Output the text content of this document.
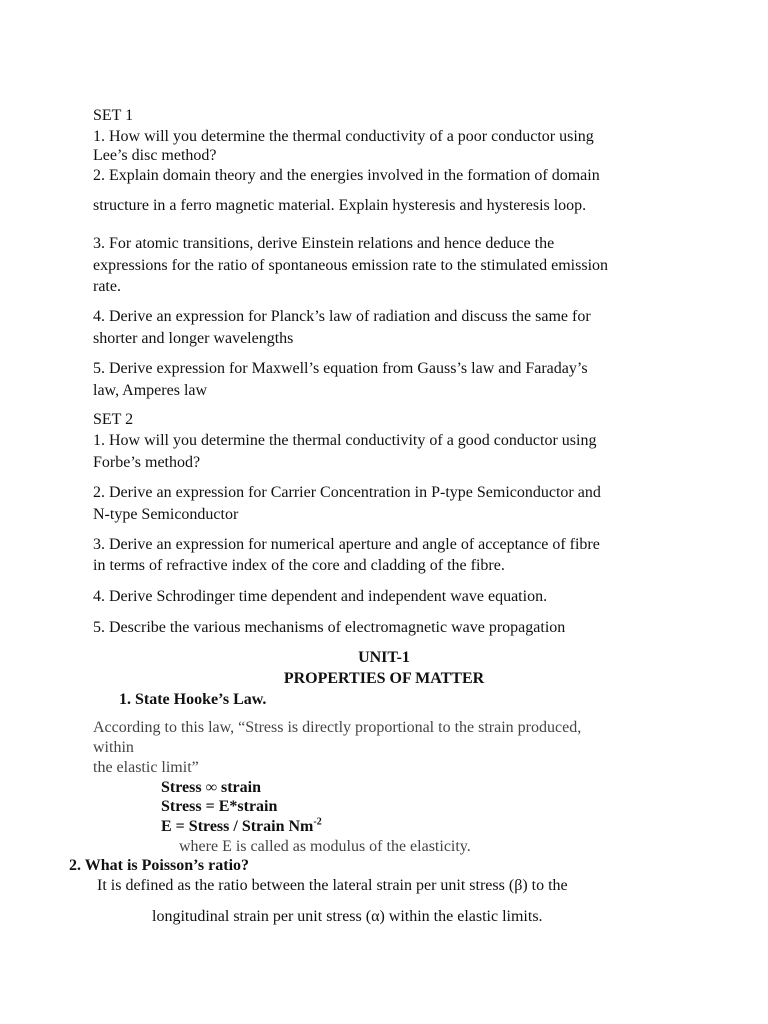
SET 1
1. How will you determine the thermal conductivity of a poor conductor using
Lee’s disc method?
2. Explain domain theory and the energies involved in the formation of domain
structure in a ferro magnetic material. Explain hysteresis and hysteresis loop.
3. For atomic transitions, derive Einstein relations and hence deduce the
expressions for the ratio of spontaneous emission rate to the stimulated emission
rate.
4. Derive an expression for Planck’s law of radiation and discuss the same for
shorter and longer wavelengths
5. Derive expression for Maxwell’s equation from Gauss’s law and Faraday’s
law, Amperes law
SET 2
1. How will you determine the thermal conductivity of a good conductor using
Forbe’s method?
2. Derive an expression for Carrier Concentration in P-type Semiconductor and
N-type Semiconductor
3. Derive an expression for numerical aperture and angle of acceptance of fibre
in terms of refractive index of the core and cladding of the fibre.
4. Derive Schrodinger time dependent and independent wave equation.
5. Describe the various mechanisms of electromagnetic wave propagation
UNIT-1
PROPERTIES OF MATTER
1. State Hooke’s Law.
According to this law, “Stress is directly proportional to the strain produced,
within
the elastic limit”
Stress ∞ strain
Stress = E*strain
E = Stress / Strain $Nm^{-2}$
where E is called as modulus of the elasticity.
2. What is Poisson’s ratio?
It is defined as the ratio between the lateral strain per unit stress (β) to the
longitudinal strain per unit stress (α) within the elastic limits.
